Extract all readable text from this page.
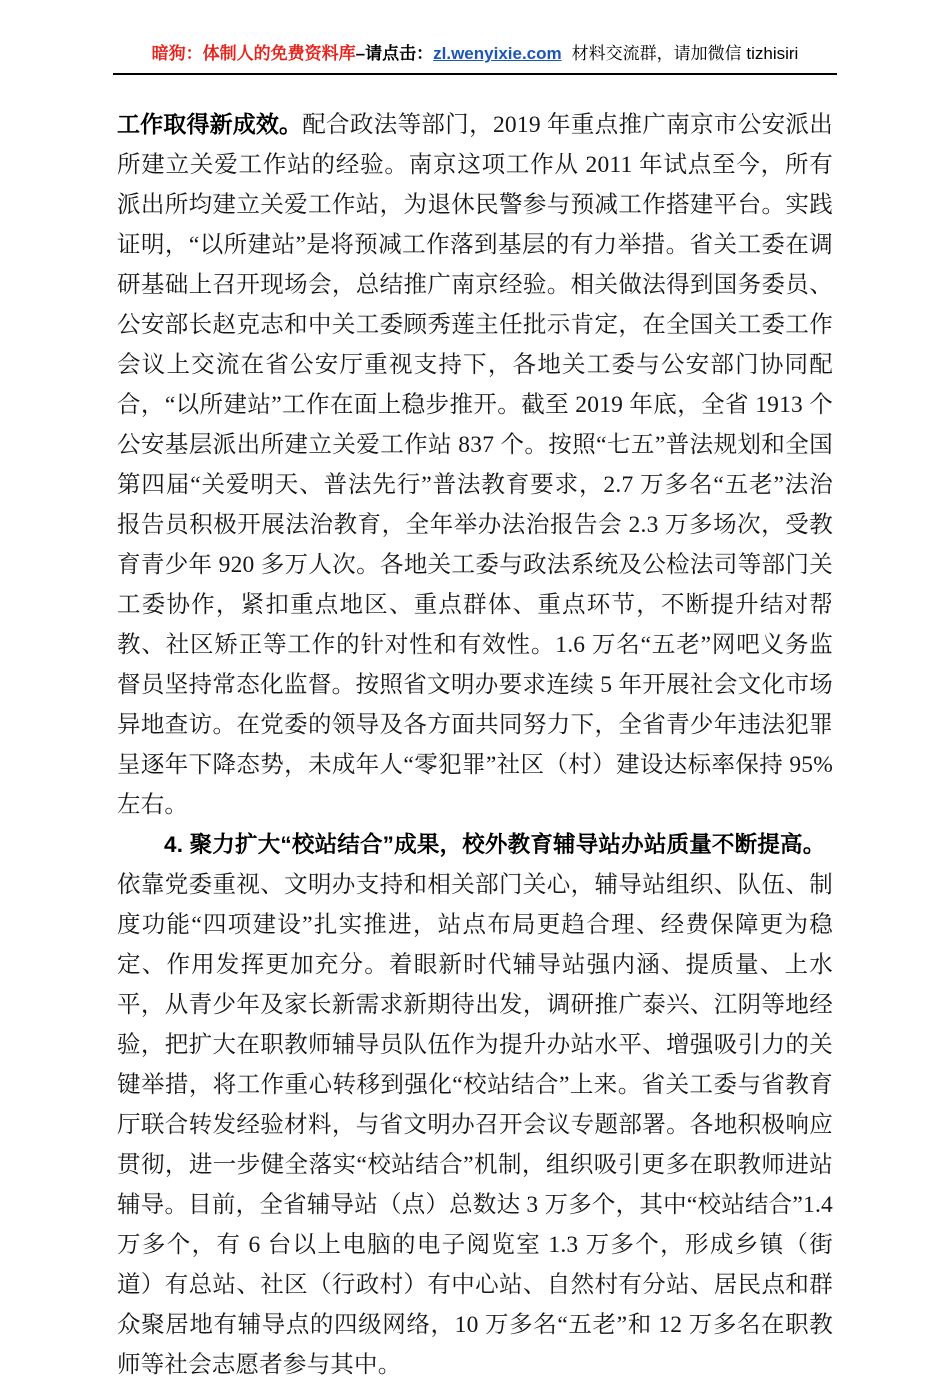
暗狗：体制人的免费资料库–请点击：zl.wenyixie.com 材料交流群，请加微信 tizhisiri

工作取得新成效。配合政法等部门，2019 年重点推广南京市公安派出所建立关爱工作站的经验。南京这项工作从 2011 年试点至今，所有派出所均建立关爱工作站，为退休民警参与预减工作搭建平台。实践证明，“以所建站”是将预减工作落到基层的有力举措。省关工委在调研基础上召开现场会，总结推广南京经验。相关做法得到国务委员、公安部长赵克志和中关工委顾秀莲主任批示肯定，在全国关工委工作会议上交流在省公安厅重视支持下，各地关工委与公安部门协同配合，“以所建站”工作在面上稳步推开。截至 2019 年底，全省 1913 个公安基层派出所建立关爱工作站 837 个。按照“七五”普法规划和全国第四届“关爱明天、普法先行”普法教育要求，2.7 万多名“五老”法治报告员积极开展法治教育，全年举办法治报告会 2.3 万多场次，受教育青少年 920 多万人次。各地关工委与政法系统及公检法司等部门关工委协作，紧扣重点地区、重点群体、重点环节，不断提升结对帮教、社区矫正等工作的针对性和有效性。1.6 万名“五老”网吧义务监督员坚持常态化监督。按照省文明办要求连续 5 年开展社会文化市场异地查访。在党委的领导及各方面共同努力下，全省青少年违法犯罪呈逐年下降态势，未成年人“零犯罪”社区（村）建设达标率保持 95%左右。

4. 聚力扩大“校站结合”成果，校外教育辅导站办站质量不断提高。

依靠党委重视、文明办支持和相关部门关心，辅导站组织、队伍、制度功能“四项建设”扎实推进，站点布局更趋合理、经费保障更为稳定、作用发挥更加充分。着眼新时代辅导站强内涵、提质量、上水平，从青少年及家长新需求新期待出发，调研推广泰兴、江阴等地经验，把扩大在职教师辅导员队伍作为提升办站水平、增强吸引力的关键举措，将工作重心转移到强化“校站结合”上来。省关工委与省教育厅联合转发经验材料，与省文明办召开会议专题部署。各地积极响应贯彻，进一步健全落实“校站结合”机制，组织吸引更多在职教师进站辅导。目前，全省辅导站（点）总数达 3 万多个，其中“校站结合”1.4 万多个，有 6 台以上电脑的电子阅览室 1.3 万多个，形成乡镇（街道）有总站、社区（行政村）有中心站、自然村有分站、居民点和群众聚居地有辅导点的四级网络，10 万多名“五老”和 12 万多名在职教师等社会志愿者参与其中。
